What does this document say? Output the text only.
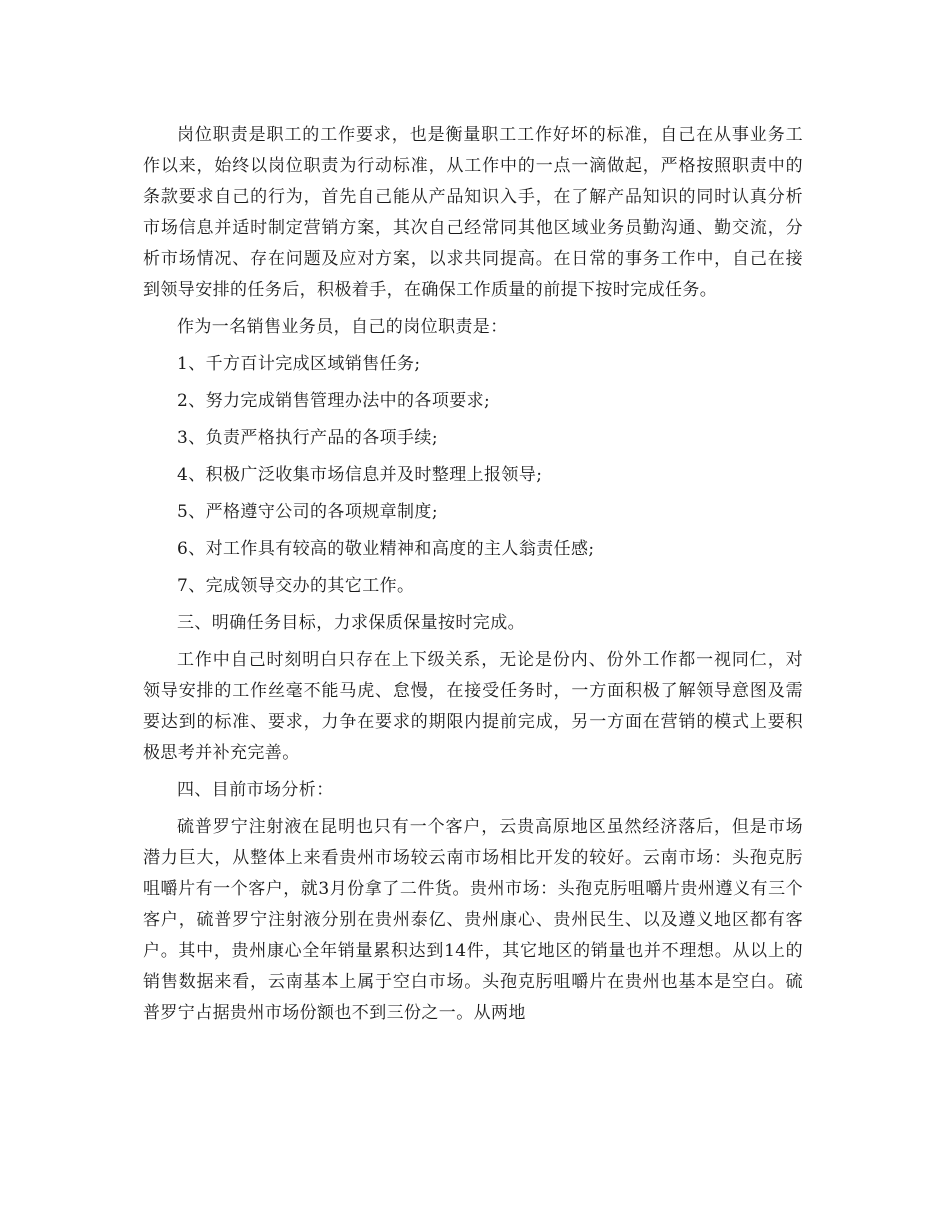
岗位职责是职工的工作要求，也是衡量职工工作好坏的标准，自己在从事业务工作以来，始终以岗位职责为行动标准，从工作中的一点一滴做起，严格按照职责中的条款要求自己的行为，首先自己能从产品知识入手，在了解产品知识的同时认真分析市场信息并适时制定营销方案，其次自己经常同其他区域业务员勤沟通、勤交流，分析市场情况、存在问题及应对方案，以求共同提高。在日常的事务工作中，自己在接到领导安排的任务后，积极着手，在确保工作质量的前提下按时完成任务。

作为一名销售业务员，自己的岗位职责是：

1、千方百计完成区域销售任务;

2、努力完成销售管理办法中的各项要求;

3、负责严格执行产品的各项手续;

4、积极广泛收集市场信息并及时整理上报领导;

5、严格遵守公司的各项规章制度;

6、对工作具有较高的敬业精神和高度的主人翁责任感;

7、完成领导交办的其它工作。

三、明确任务目标，力求保质保量按时完成。

工作中自己时刻明白只存在上下级关系，无论是份内、份外工作都一视同仁，对领导安排的工作丝毫不能马虎、怠慢，在接受任务时，一方面积极了解领导意图及需要达到的标准、要求，力争在要求的期限内提前完成，另一方面在营销的模式上要积极思考并补充完善。

四、目前市场分析：

硫普罗宁注射液在昆明也只有一个客户，云贵高原地区虽然经济落后，但是市场潜力巨大，从整体上来看贵州市场较云南市场相比开发的较好。云南市场：头孢克肟咀嚼片有一个客户，就3月份拿了二件货。贵州市场：头孢克肟咀嚼片贵州遵义有三个客户，硫普罗宁注射液分别在贵州泰亿、贵州康心、贵州民生、以及遵义地区都有客户。其中，贵州康心全年销量累积达到14件，其它地区的销量也并不理想。从以上的销售数据来看，云南基本上属于空白市场。头孢克肟咀嚼片在贵州也基本是空白。硫普罗宁占据贵州市场份额也不到三份之一。从两地
